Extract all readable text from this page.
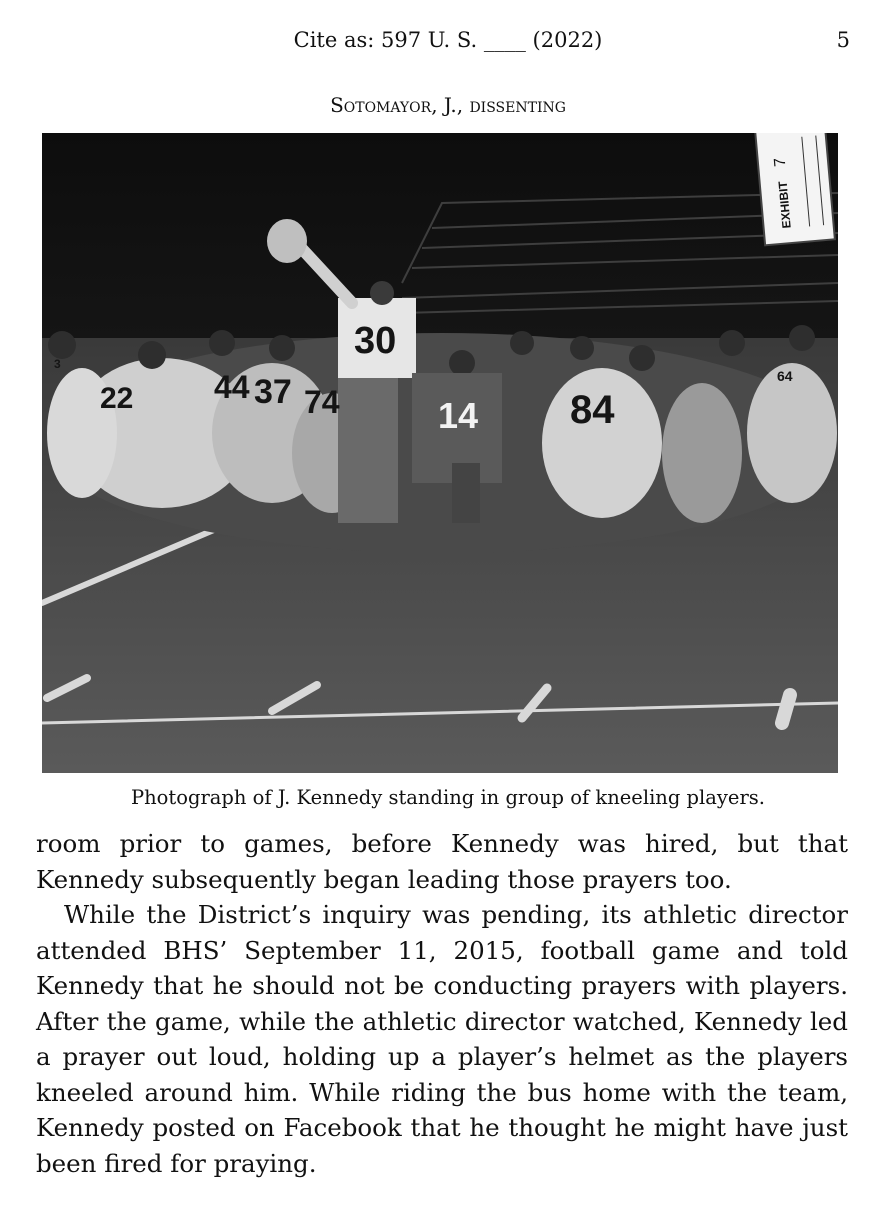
Cite as: 597 U. S. ____ (2022)	5
Sotomayor, J., dissenting
30
14 84
44 37 74
22
64
3
EXHIBIT
7
Photograph of J. Kennedy standing in group of kneeling players.

room prior to games, before Kennedy was hired, but that Kennedy subsequently began leading those prayers too.

While the District’s inquiry was pending, its athletic director attended BHS’ September 11, 2015, football game and told Kennedy that he should not be conducting prayers with players. After the game, while the athletic director watched, Kennedy led a prayer out loud, holding up a player’s helmet as the players kneeled around him. While riding the bus home with the team, Kennedy posted on Facebook that he thought he might have just been fired for praying.
